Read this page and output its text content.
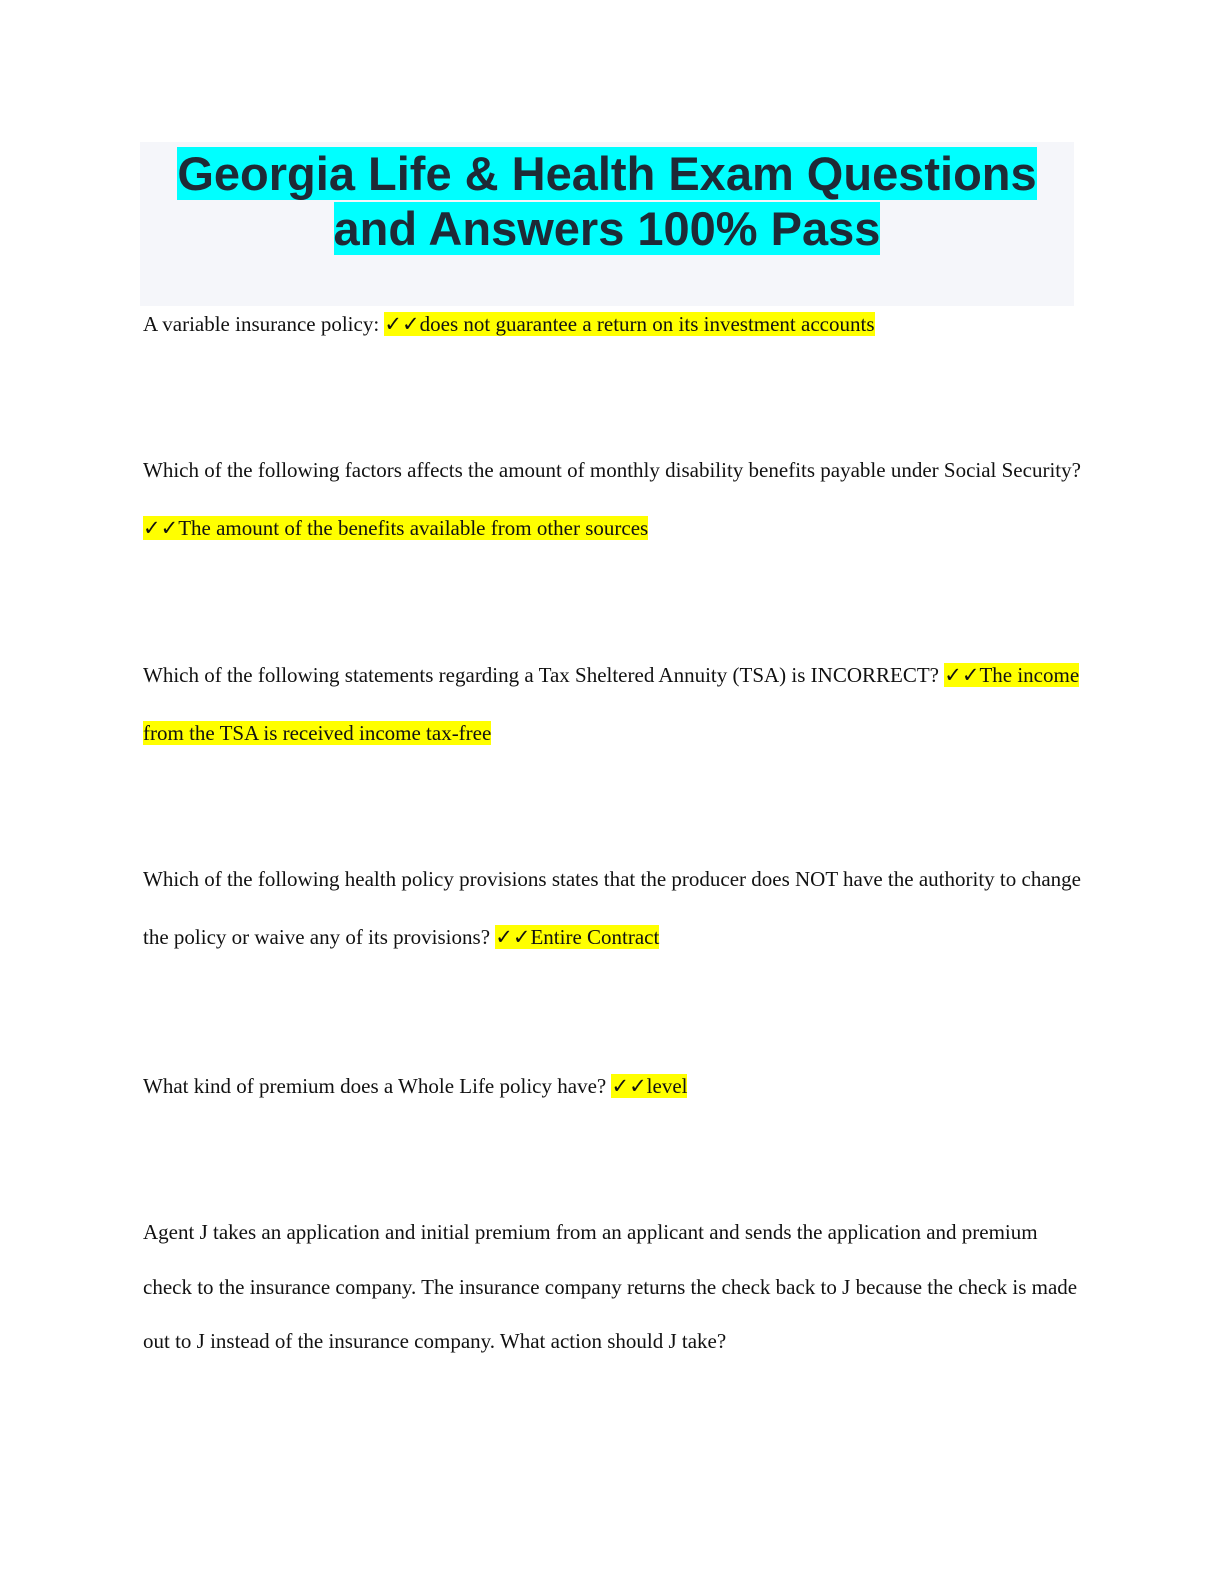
Georgia Life & Health Exam Questions
and Answers 100% Pass

A variable insurance policy: ✓✓does not guarantee a return on its investment accounts

Which of the following factors affects the amount of monthly disability benefits payable under Social Security? ✓✓The amount of the benefits available from other sources

Which of the following statements regarding a Tax Sheltered Annuity (TSA) is INCORRECT? ✓✓The income from the TSA is received income tax-free

Which of the following health policy provisions states that the producer does NOT have the authority to change the policy or waive any of its provisions? ✓✓Entire Contract

What kind of premium does a Whole Life policy have? ✓✓level

Agent J takes an application and initial premium from an applicant and sends the application and premium check to the insurance company. The insurance company returns the check back to J because the check is made out to J instead of the insurance company. What action should J take?
